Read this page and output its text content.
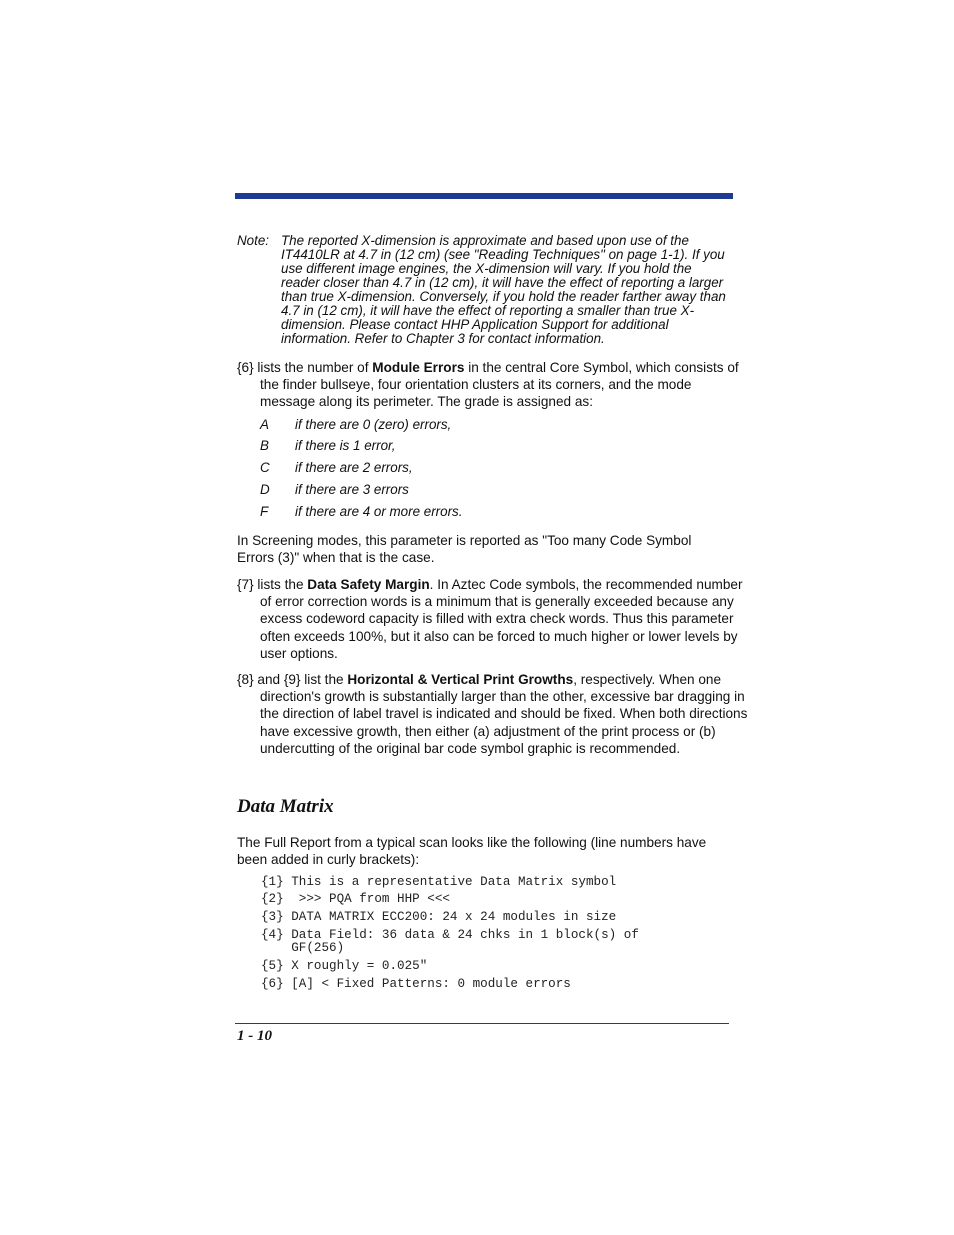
Note: The reported X-dimension is approximate and based upon use of the IT4410LR at 4.7 in (12 cm) (see "Reading Techniques" on page 1-1). If you use different image engines, the X-dimension will vary. If you hold the reader closer than 4.7 in (12 cm), it will have the effect of reporting a larger than true X-dimension. Conversely, if you hold the reader farther away than 4.7 in (12 cm), it will have the effect of reporting a smaller than true X-dimension. Please contact HHP Application Support for additional information. Refer to Chapter 3 for contact information.
{6} lists the number of Module Errors in the central Core Symbol, which consists of the finder bullseye, four orientation clusters at its corners, and the mode message along its perimeter. The grade is assigned as:
A if there are 0 (zero) errors,
B if there is 1 error,
C if there are 2 errors,
D if there are 3 errors
F if there are 4 or more errors.
In Screening modes, this parameter is reported as "Too many Code Symbol Errors (3)" when that is the case.
{7} lists the Data Safety Margin. In Aztec Code symbols, the recommended number of error correction words is a minimum that is generally exceeded because any excess codeword capacity is filled with extra check words. Thus this parameter often exceeds 100%, but it also can be forced to much higher or lower levels by user options.
{8} and {9} list the Horizontal & Vertical Print Growths, respectively. When one direction's growth is substantially larger than the other, excessive bar dragging in the direction of label travel is indicated and should be fixed. When both directions have excessive growth, then either (a) adjustment of the print process or (b) undercutting of the original bar code symbol graphic is recommended.
Data Matrix
The Full Report from a typical scan looks like the following (line numbers have been added in curly brackets):
{1} This is a representative Data Matrix symbol
{2}  >>> PQA from HHP <<<
{3} DATA MATRIX ECC200: 24 x 24 modules in size
{4} Data Field: 36 data & 24 chks in 1 block(s) of
GF(256)
{5} X roughly = 0.025"
{6} [A] < Fixed Patterns: 0 module errors
1 - 10
